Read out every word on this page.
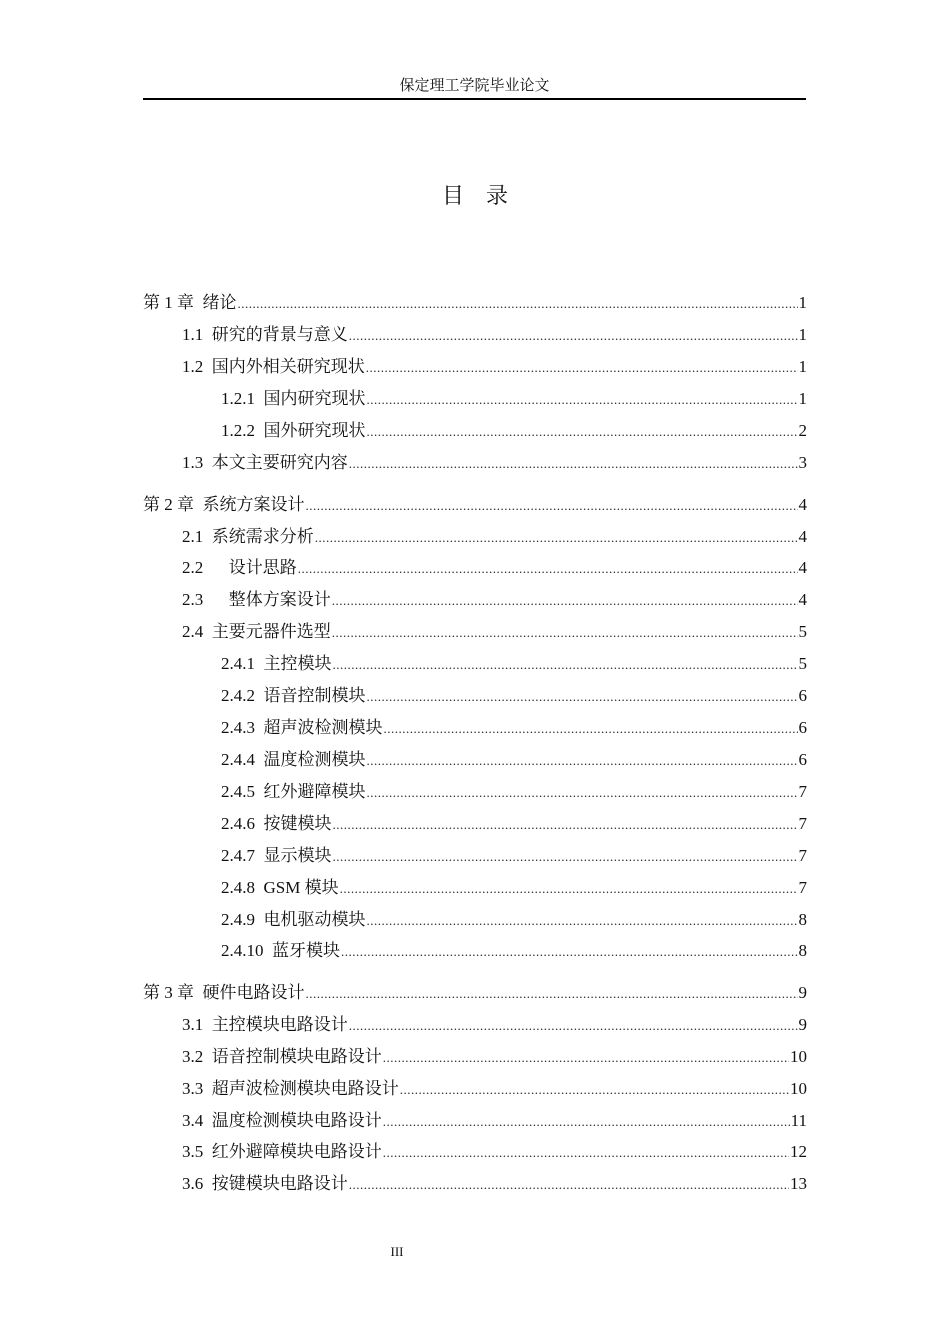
保定理工学院毕业论文
目　录
第 1 章 绪论 .....	1
1.1 研究的背景与意义 .....	1
1.2 国内外相关研究现状 .....	1
1.2.1 国内研究现状 .....	1
1.2.2 国外研究现状 .....	2
1.3 本文主要研究内容 .....	3
第 2 章 系统方案设计 .....	4
2.1 系统需求分析 .....	4
2.2  　设计思路 .....	4
2.3  　整体方案设计 .....	4
2.4 主要元器件选型 .....	5
2.4.1 主控模块 .....	5
2.4.2 语音控制模块 .....	6
2.4.3 超声波检测模块 .....	6
2.4.4 温度检测模块 .....	6
2.4.5 红外避障模块 .....	7
2.4.6 按键模块 .....	7
2.4.7 显示模块 .....	7
2.4.8 GSM 模块 .....	7
2.4.9 电机驱动模块 .....	8
2.4.10 蓝牙模块 .....	8
第 3 章 硬件电路设计 .....	9
3.1 主控模块电路设计 .....	9
3.2 语音控制模块电路设计 .....	10
3.3 超声波检测模块电路设计 .....	10
3.4 温度检测模块电路设计 .....	11
3.5 红外避障模块电路设计 .....	12
3.6 按键模块电路设计 .....	13
III
